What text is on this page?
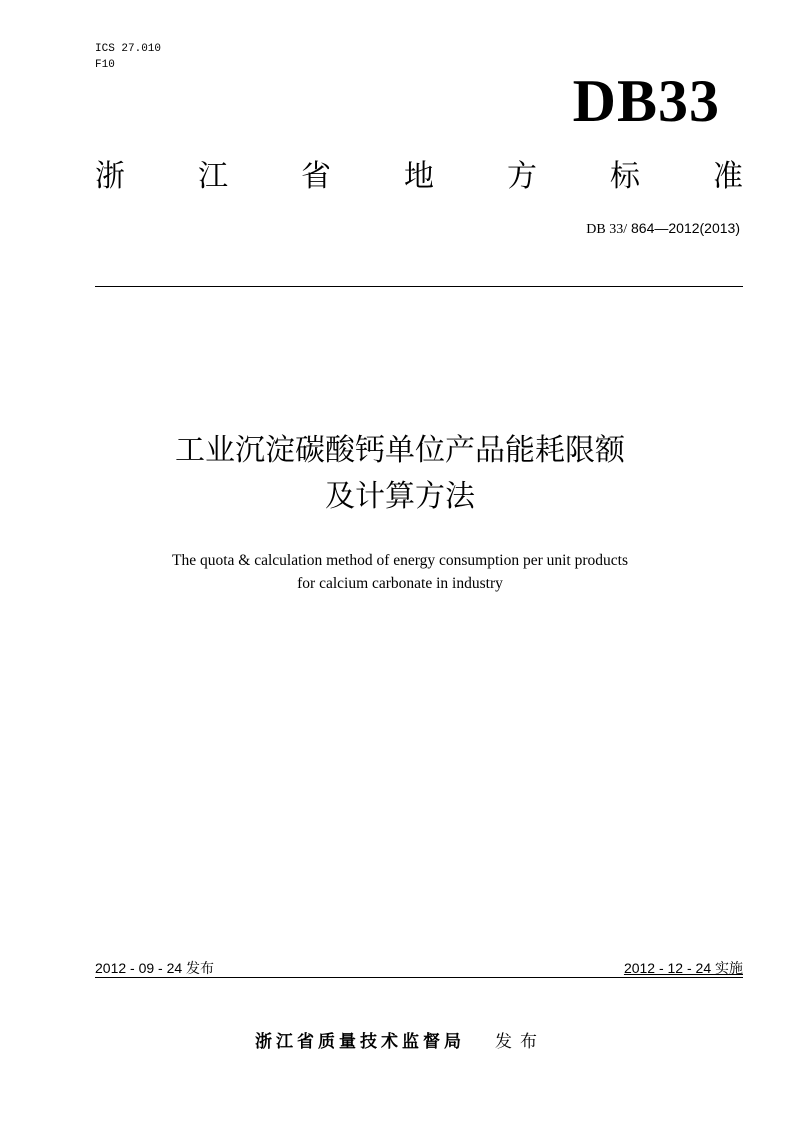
ICS 27.010
F10
DB33
浙 江 省 地 方 标 准
DB 33/ 864—2012(2013)
工业沉淀碳酸钙单位产品能耗限额
及计算方法
The quota & calculation method of energy consumption per unit products
for calcium carbonate in industry
2012 - 09 - 24 发布	2012 - 12 - 24 实施
浙江省质量技术监督局 发布
